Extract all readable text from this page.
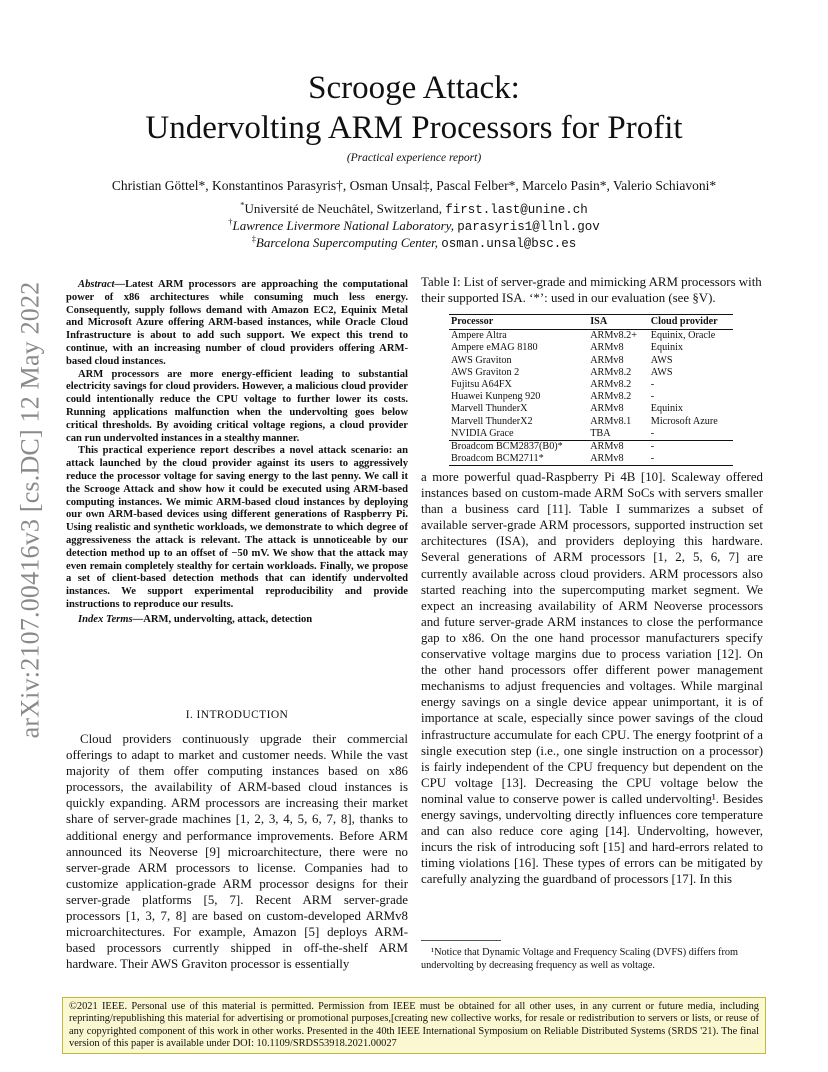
arXiv:2107.00416v3 [cs.DC] 12 May 2022
Scrooge Attack:
Undervolting ARM Processors for Profit
(Practical experience report)
Christian Göttel*, Konstantinos Parasyris†, Osman Unsal‡, Pascal Felber*, Marcelo Pasin*, Valerio Schiavoni*
*Université de Neuchâtel, Switzerland, first.last@unine.ch
†Lawrence Livermore National Laboratory, parasyris1@llnl.gov
‡Barcelona Supercomputing Center, osman.unsal@bsc.es

Abstract—Latest ARM processors are approaching the computational power of x86 architectures while consuming much less energy. Consequently, supply follows demand with Amazon EC2, Equinix Metal and Microsoft Azure offering ARM-based instances, while Oracle Cloud Infrastructure is about to add such support. We expect this trend to continue, with an increasing number of cloud providers offering ARM-based cloud instances.

ARM processors are more energy-efficient leading to substantial electricity savings for cloud providers. However, a malicious cloud provider could intentionally reduce the CPU voltage to further lower its costs. Running applications malfunction when the undervolting goes below critical thresholds. By avoiding critical voltage regions, a cloud provider can run undervolted instances in a stealthy manner.

This practical experience report describes a novel attack scenario: an attack launched by the cloud provider against its users to aggressively reduce the processor voltage for saving energy to the last penny. We call it the Scrooge Attack and show how it could be executed using ARM-based computing instances. We mimic ARM-based cloud instances by deploying our own ARM-based devices using different generations of Raspberry Pi. Using realistic and synthetic workloads, we demonstrate to which degree of aggressiveness the attack is relevant. The attack is unnoticeable by our detection method up to an offset of −50 mV. We show that the attack may even remain completely stealthy for certain workloads. Finally, we propose a set of client-based detection methods that can identify undervolted instances. We support experimental reproducibility and provide instructions to reproduce our results.

Index Terms—ARM, undervolting, attack, detection

I. INTRODUCTION
Cloud providers continuously upgrade their commercial offerings to adapt to market and customer needs. While the vast majority of them offer computing instances based on x86 processors, the availability of ARM-based cloud instances is quickly expanding. ARM processors are increasing their market share of server-grade machines [1, 2, 3, 4, 5, 6, 7, 8], thanks to additional energy and performance improvements. Before ARM announced its Neoverse [9] microarchitecture, there were no server-grade ARM processors to license. Companies had to customize application-grade ARM processor designs for their server-grade platforms [5, 7]. Recent ARM server-grade processors [1, 3, 7, 8] are based on custom-developed ARMv8 microarchitectures. For example, Amazon [5] deploys ARM-based processors currently shipped in off-the-shelf ARM hardware. Their AWS Graviton processor is essentially
Table I: List of server-grade and mimicking ARM processors with their supported ISA. ‘*’: used in our evaluation (see §V).
Processor	ISA	Cloud provider
Ampere Altra	ARMv8.2+	Equinix, Oracle
Ampere eMAG 8180	ARMv8	Equinix
AWS Graviton	ARMv8	AWS
AWS Graviton 2	ARMv8.2	AWS
Fujitsu A64FX	ARMv8.2	-
Huawei Kunpeng 920	ARMv8.2	-
Marvell ThunderX	ARMv8	Equinix
Marvell ThunderX2	ARMv8.1	Microsoft Azure
NVIDIA Grace	TBA	-
Broadcom BCM2837(B0)*	ARMv8	-
Broadcom BCM2711*	ARMv8	-
a more powerful quad-Raspberry Pi 4B [10]. Scaleway offered instances based on custom-made ARM SoCs with servers smaller than a business card [11]. Table I summarizes a subset of available server-grade ARM processors, supported instruction set architectures (ISA), and providers deploying this hardware. Several generations of ARM processors [1, 2, 5, 6, 7] are currently available across cloud providers. ARM processors also started reaching into the supercomputing market segment. We expect an increasing availability of ARM Neoverse processors and future server-grade ARM instances to close the performance gap to x86. On the one hand processor manufacturers specify conservative voltage margins due to process variation [12]. On the other hand processors offer different power management mechanisms to adjust frequencies and voltages. While marginal energy savings on a single device appear unimportant, it is of importance at scale, especially since power savings of the cloud infrastructure accumulate for each CPU. The energy footprint of a single execution step (i.e., one single instruction on a processor) is fairly independent of the CPU frequency but dependent on the CPU voltage [13]. Decreasing the CPU voltage below the nominal value to conserve power is called undervolting¹. Besides energy savings, undervolting directly influences core temperature and can also reduce core aging [14]. Undervolting, however, incurs the risk of introducing soft [15] and hard-errors related to timing violations [16]. These types of errors can be mitigated by carefully analyzing the guardband of processors [17]. In this
¹Notice that Dynamic Voltage and Frequency Scaling (DVFS) differs from undervolting by decreasing frequency as well as voltage.
©2021 IEEE. Personal use of this material is permitted. Permission from IEEE must be obtained for all other uses, in any current or future media, including reprinting/republishing this material for advertising or promotional purposes,[creating new collective works, for resale or redistribution to servers or lists, or reuse of any copyrighted component of this work in other works. Presented in the 40th IEEE International Symposium on Reliable Distributed Systems (SRDS '21). The final version of this paper is available under DOI: 10.1109/SRDS53918.2021.00027
